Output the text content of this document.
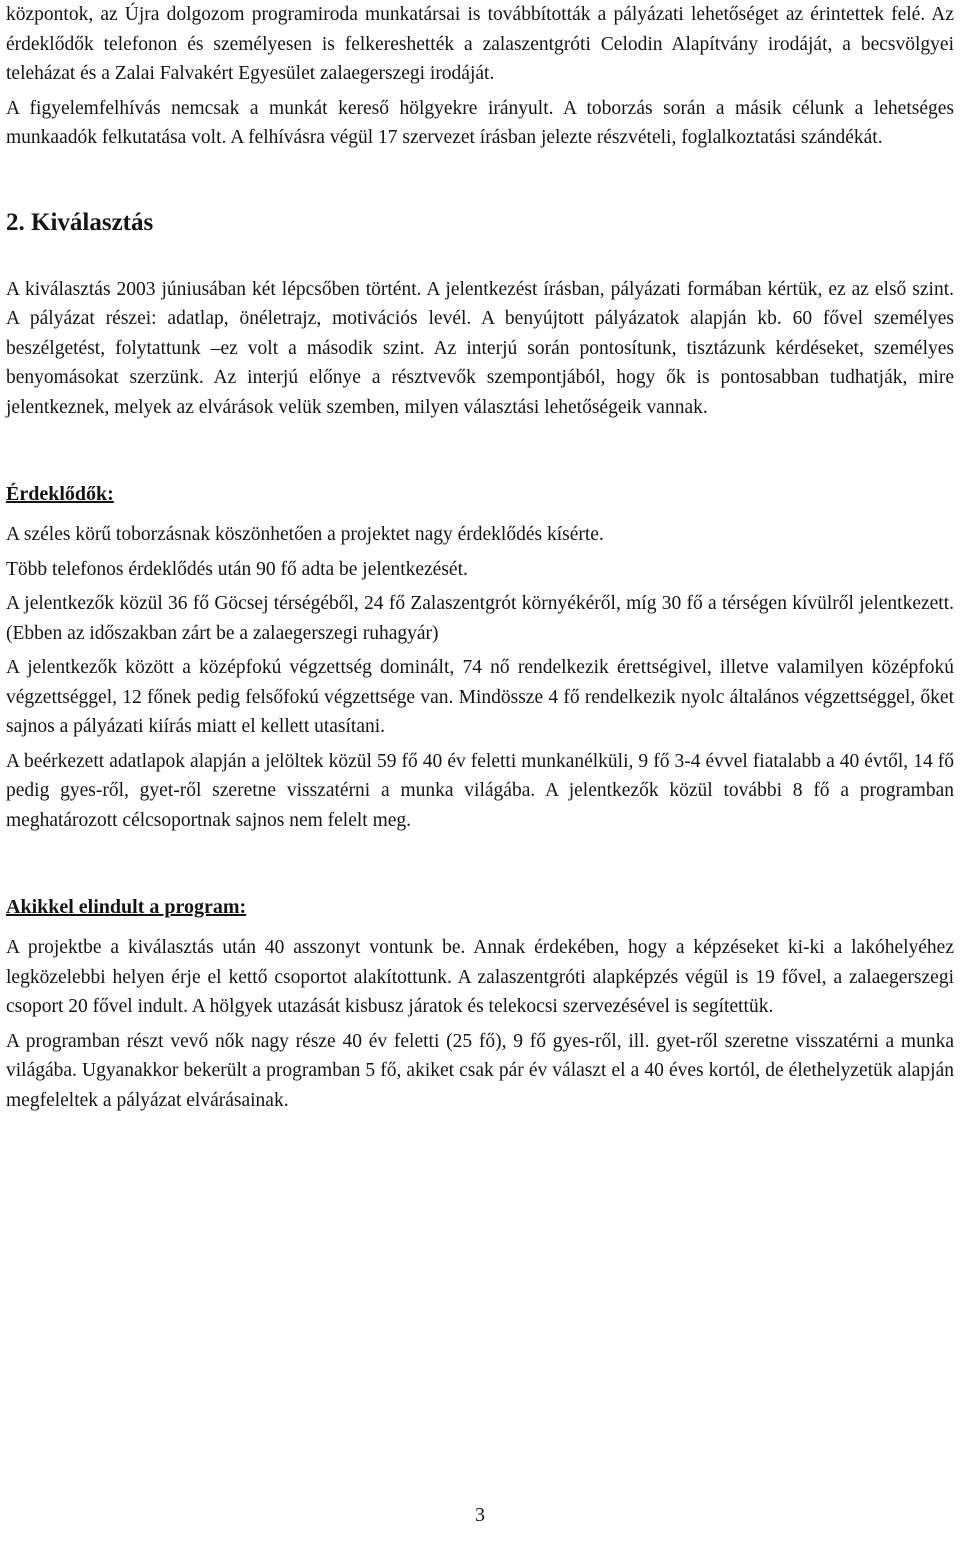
központok, az Újra dolgozom programiroda munkatársai is továbbították a pályázati lehetőséget az érintettek felé. Az érdeklődők telefonon és személyesen is felkereshették a zalaszentgróti Celodin Alapítvány irodáját, a becsvölgyei teleházat és a Zalai Falvakért Egyesület zalaegerszegi irodáját.

A figyelemfelhívás nemcsak a munkát kereső hölgyekre irányult. A toborzás során a másik célunk a lehetséges munkaadók felkutatása volt. A felhívásra végül 17 szervezet írásban jelezte részvételi, foglalkoztatási szándékát.

2. Kiválasztás

A kiválasztás 2003 júniusában két lépcsőben történt. A jelentkezést írásban, pályázati formában kértük, ez az első szint. A pályázat részei: adatlap, önéletrajz, motivációs levél. A benyújtott pályázatok alapján kb. 60 fővel személyes beszélgetést, folytattunk –ez volt a második szint. Az interjú során pontosítunk, tisztázunk kérdéseket, személyes benyomásokat szerzünk. Az interjú előnye a résztvevők szempontjából, hogy ők is pontosabban tudhatják, mire jelentkeznek, melyek az elvárások velük szemben, milyen választási lehetőségeik vannak.

Érdeklődők:

A széles körű toborzásnak köszönhetően a projektet nagy érdeklődés kísérte.

Több telefonos érdeklődés után 90 fő adta be jelentkezését.

A jelentkezők közül 36 fő Göcsej térségéből, 24 fő Zalaszentgrót környékéről, míg 30 fő a térségen kívülről jelentkezett. (Ebben az időszakban zárt be a zalaegerszegi ruhagyár)

A jelentkezők között a középfokú végzettség dominált, 74 nő rendelkezik érettségivel, illetve valamilyen középfokú végzettséggel, 12 főnek pedig felsőfokú végzettsége van. Mindössze 4 fő rendelkezik nyolc általános végzettséggel, őket sajnos a pályázati kiírás miatt el kellett utasítani.

A beérkezett adatlapok alapján a jelöltek közül 59 fő 40 év feletti munkanélküli, 9 fő 3-4 évvel fiatalabb a 40 évtől, 14 fő pedig gyes-ről, gyet-ről szeretne visszatérni a munka világába. A jelentkezők közül további 8 fő a programban meghatározott célcsoportnak sajnos nem felelt meg.

Akikkel elindult a program:

A projektbe a kiválasztás után 40 asszonyt vontunk be. Annak érdekében, hogy a képzéseket ki-ki a lakóhelyéhez legközelebbi helyen érje el kettő csoportot alakítottunk. A zalaszentgróti alapképzés végül is 19 fővel, a zalaegerszegi csoport 20 fővel indult. A hölgyek utazását kisbusz járatok és telekocsi szervezésével is segítettük.

A programban részt vevő nők nagy része 40 év feletti (25 fő), 9 fő gyes-ről, ill. gyet-ről szeretne visszatérni a munka világába. Ugyanakkor bekerült a programban 5 fő, akiket csak pár év választ el a 40 éves kortól, de élethelyzetük alapján megfeleltek a pályázat elvárásainak.

3
